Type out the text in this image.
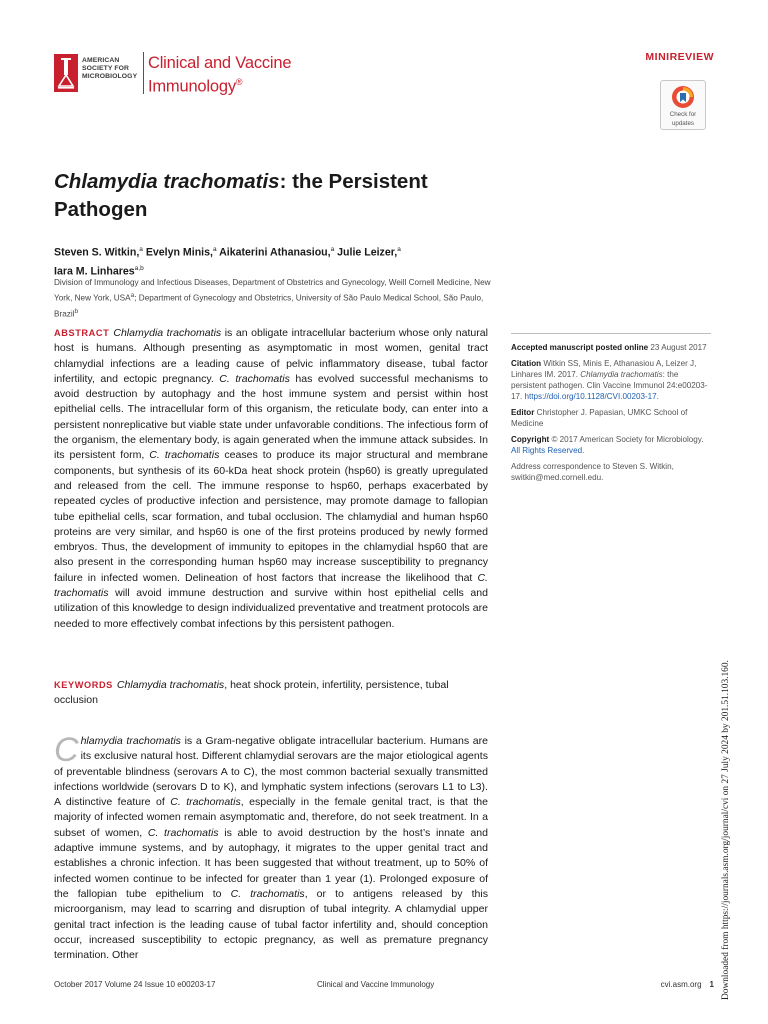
AMERICAN
SOCIETY FOR
MICROBIOLOGY
Clinical and Vaccine
Immunology®
MINIREVIEW
Check for
updates
Chlamydia trachomatis: the Persistent Pathogen
Steven S. Witkin,$^a$ Evelyn Minis,$^a$ Aikaterini Athanasiou,$^a$ Julie Leizer,$^a$
Iara M. Linhares$^{a,b}$
Division of Immunology and Infectious Diseases, Department of Obstetrics and Gynecology, Weill Cornell Medicine, New York, New York, USA$^a$; Department of Gynecology and Obstetrics, University of São Paulo Medical School, São Paulo, Brazil$^b$

ABSTRACT Chlamydia trachomatis is an obligate intracellular bacterium whose only natural host is humans. Although presenting as asymptomatic in most women, genital tract chlamydial infections are a leading cause of pelvic inflammatory disease, tubal factor infertility, and ectopic pregnancy. C. trachomatis has evolved successful mechanisms to avoid destruction by autophagy and the host immune system and persist within host epithelial cells. The intracellular form of this organism, the reticulate body, can enter into a persistent nonreplicative but viable state under unfavorable conditions. The infectious form of the organism, the elementary body, is again generated when the immune attack subsides. In its persistent form, C. trachomatis ceases to produce its major structural and membrane components, but synthesis of its 60-kDa heat shock protein (hsp60) is greatly upregulated and released from the cell. The immune response to hsp60, perhaps exacerbated by repeated cycles of productive infection and persistence, may promote damage to fallopian tube epithelial cells, scar formation, and tubal occlusion. The chlamydial and human hsp60 proteins are very similar, and hsp60 is one of the first proteins produced by newly formed embryos. Thus, the development of immunity to epitopes in the chlamydial hsp60 that are also present in the corresponding human hsp60 may increase susceptibility to pregnancy failure in infected women. Delineation of host factors that increase the likelihood that C. trachomatis will avoid immune destruction and survive within host epithelial cells and utilization of this knowledge to design individualized preventative and treatment protocols are needed to more effectively combat infections by this persistent pathogen.

KEYWORDS Chlamydia trachomatis, heat shock protein, infertility, persistence, tubal occlusion

Accepted manuscript posted online 23 August 2017

Citation Witkin SS, Minis E, Athanasiou A, Leizer J, Linhares IM. 2017. Chlamydia trachomatis: the persistent pathogen. Clin Vaccine Immunol 24:e00203-17. https://doi.org/10.1128/CVI.00203-17.

Editor Christopher J. Papasian, UMKC School of Medicine

Copyright © 2017 American Society for Microbiology. All Rights Reserved.

Address correspondence to Steven S. Witkin, switkin@med.cornell.edu.

Chlamydia trachomatis is a Gram-negative obligate intracellular bacterium. Humans are its exclusive natural host. Different chlamydial serovars are the major etiological agents of preventable blindness (serovars A to C), the most common bacterial sexually transmitted infections worldwide (serovars D to K), and lymphatic system infections (serovars L1 to L3). A distinctive feature of C. trachomatis, especially in the female genital tract, is that the majority of infected women remain asymptomatic and, therefore, do not seek treatment. In a subset of women, C. trachomatis is able to avoid destruction by the host’s innate and adaptive immune systems, and by autophagy, it migrates to the upper genital tract and establishes a chronic infection. It has been suggested that without treatment, up to 50% of infected women continue to be infected for greater than 1 year (1). Prolonged exposure of the fallopian tube epithelium to C. trachomatis, or to antigens released by this microorganism, may lead to scarring and disruption of tubal integrity. A chlamydial upper genital tract infection is the leading cause of tubal factor infertility and, should conception occur, increased susceptibility to ectopic pregnancy, as well as premature pregnancy termination. Other

October 2017 Volume 24 Issue 10 e00203-17	Clinical and Vaccine Immunology	cvi.asm.org 1 Downloaded from https://journals.asm.org/journal/cvi on 27 July 2024 by 201.51.103.160.
